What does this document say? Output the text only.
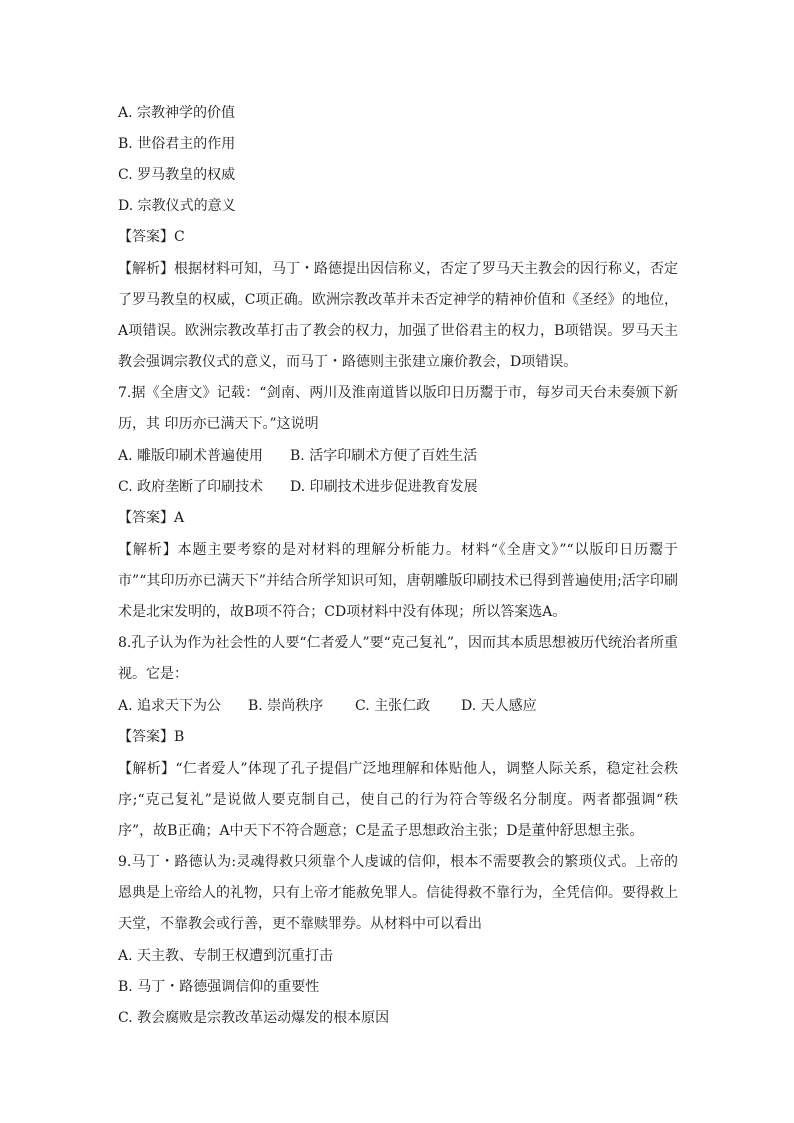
A. 宗教神学的价值
B. 世俗君主的作用
C. 罗马教皇的权威
D. 宗教仪式的意义
【答案】C
【解析】根据材料可知，马丁・路德提出因信称义，否定了罗马天主教会的因行称义，否定了罗马教皇的权威，C项正确。欧洲宗教改革并未否定神学的精神价值和《圣经》的地位，A项错误。欧洲宗教改革打击了教会的权力，加强了世俗君主的权力，B项错误。罗马天主教会强调宗教仪式的意义，而马丁・路德则主张建立廉价教会，D项错误。
7.据《全唐文》记载：“剑南、两川及淮南道皆以版印日历鬻于市，每岁司天台未奏颁下新历，其 印历亦已满天下。”这说明
A. 雕版印刷术普遍使用 B. 活字印刷术方便了百姓生活
C. 政府垄断了印刷技术 D. 印刷技术进步促进教育发展
【答案】A
【解析】本题主要考察的是对材料的理解分析能力。材料“《全唐文》”“以版印日历鬻于市”“其印历亦已满天下”并结合所学知识可知，唐朝雕版印刷技术已得到普遍使用;活字印刷术是北宋发明的，故B项不符合；CD项材料中没有体现；所以答案选A。
8.孔子认为作为社会性的人要“仁者爱人”要“克己复礼”，因而其本质思想被历代统治者所重视。它是：
A. 追求天下为公 B. 崇尚秩序 C. 主张仁政 D. 天人感应
【答案】B
【解析】“仁者爱人”体现了孔子提倡广泛地理解和体贴他人，调整人际关系，稳定社会秩序;“克己复礼”是说做人要克制自己，使自己的行为符合等级名分制度。两者都强调“秩序”，故B正确；A中天下不符合题意；C是孟子思想政治主张；D是董仲舒思想主张。
9.马丁・路德认为:灵魂得救只须靠个人虔诚的信仰，根本不需要教会的繁琐仪式。上帝的恩典是上帝给人的礼物，只有上帝才能赦免罪人。信徒得救不靠行为，全凭信仰。要得救上天堂，不靠教会或行善，更不靠赎罪券。从材料中可以看出
A. 天主教、专制王权遭到沉重打击
B. 马丁・路德强调信仰的重要性
C. 教会腐败是宗教改革运动爆发的根本原因
